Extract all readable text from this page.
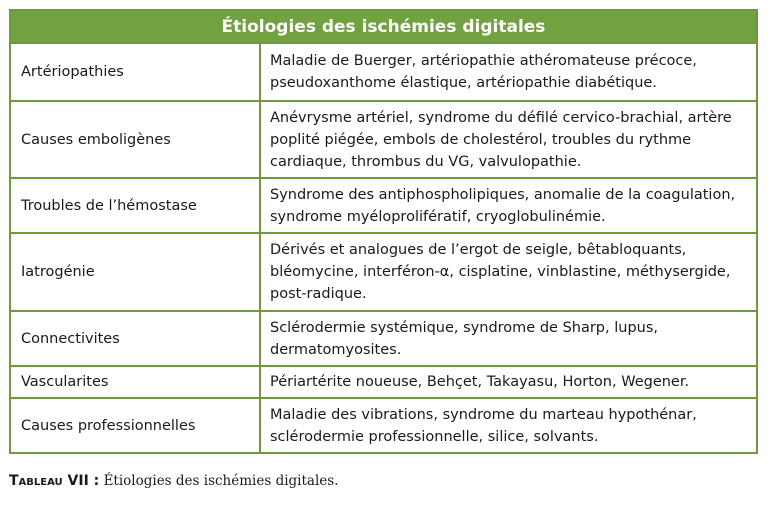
Étiologies des ischémies digitales
Artériopathies
Maladie de Buerger, artériopathie athéromateuse précoce, pseudoxanthome élastique, artériopathie diabétique.
Causes emboligènes
Anévrysme artériel, syndrome du défilé cervico-brachial, artère poplité piégée, embols de cholestérol, troubles du rythme cardiaque, thrombus du VG, valvulopathie.
Troubles de l’hémostase
Syndrome des antiphospholipiques, anomalie de la coagulation, syndrome myéloprolifératif, cryoglobulinémie.
Iatrogénie
Dérivés et analogues de l’ergot de seigle, bêtabloquants, bléomycine, interféron-α, cisplatine, vinblastine, méthysergide, post-radique.
Connectivites
Sclérodermie systémique, syndrome de Sharp, lupus, dermatomyosites.
Vascularites	Périartérite noueuse, Behçet, Takayasu, Horton, Wegener.
Causes professionnelles
Maladie des vibrations, syndrome du marteau hypothénar, sclérodermie professionnelle, silice, solvants.
Tableau VII : Étiologies des ischémies digitales.
